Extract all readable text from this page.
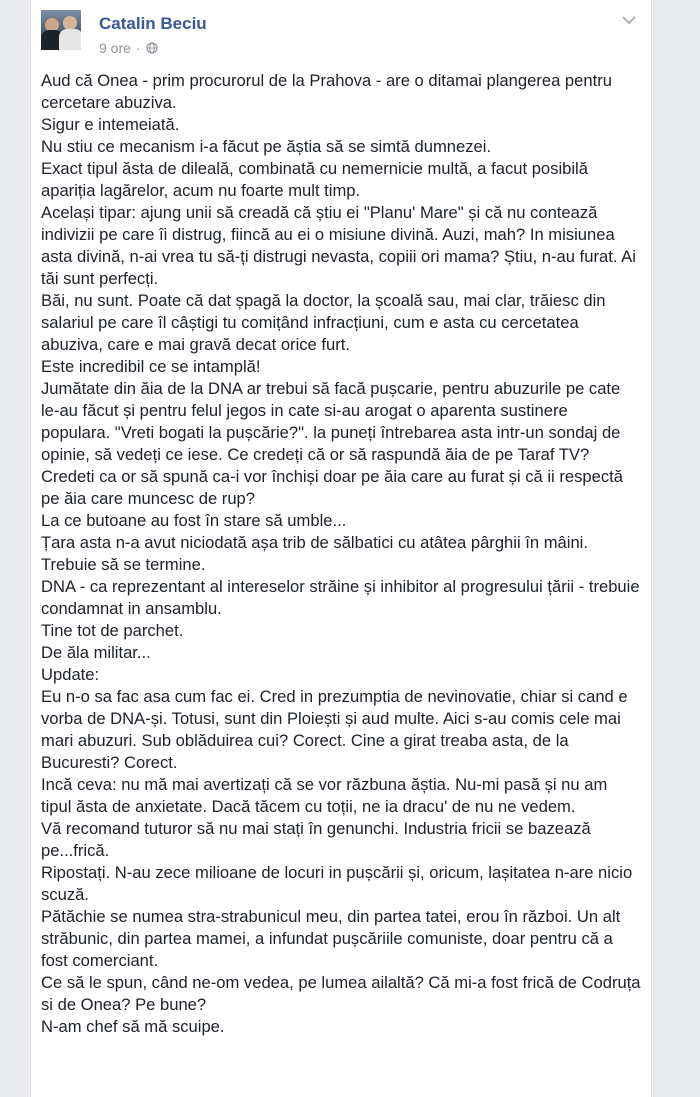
Catalin Beciu
9 ore ·

Aud că Onea - prim procurorul de la Prahova - are o ditamai plangerea pentru cercetare abuziva.

Sigur e intemeiată.

Nu stiu ce mecanism i-a făcut pe ăștia să se simtă dumnezei.

Exact tipul ăsta de dileală, combinată cu nemernicie multă, a facut posibilă apariția lagărelor, acum nu foarte mult timp.

Același tipar: ajung unii să creadă că știu ei "Planu' Mare" și că nu contează indivizii pe care îi distrug, fiincă au ei o misiune divină. Auzi, mah? In misiunea asta divină, n-ai vrea tu să-ți distrugi nevasta, copiii ori mama? Știu, n-au furat. Ai tăi sunt perfecți.

Băi, nu sunt. Poate că dat șpagă la doctor, la școală sau, mai clar, trăiesc din salariul pe care îl câștigi tu comițând infracțiuni, cum e asta cu cercetatea abuziva, care e mai gravă decat orice furt.

Este incredibil ce se intamplă!

Jumătate din ăia de la DNA ar trebui să facă pușcarie, pentru abuzurile pe cate le-au făcut și pentru felul jegos in cate si-au arogat o aparenta sustinere populara. "Vreti bogati la pușcărie?". la puneți întrebarea asta intr-un sondaj de opinie, să vedeți ce iese. Ce credeți că or să raspundă ăia de pe Taraf TV? Credeti ca or să spună ca-i vor închiși doar pe ăia care au furat și că ii respectă pe ăia care muncesc de rup?

La ce butoane au fost în stare să umble...

Țara asta n-a avut niciodată așa trib de sălbatici cu atâtea pârghii în mâini. Trebuie să se termine.

DNA - ca reprezentant al intereselor străine și inhibitor al progresului țării - trebuie condamnat in ansamblu.

Tine tot de parchet.

De ăla militar...

Update:

Eu n-o sa fac asa cum fac ei. Cred in prezumptia de nevinovatie, chiar si cand e vorba de DNA-și. Totusi, sunt din Ploiești și aud multe. Aici s-au comis cele mai mari abuzuri. Sub oblăduirea cui? Corect. Cine a girat treaba asta, de la Bucuresti? Corect.

Incă ceva: nu mă mai avertizați că se vor răzbuna ăștia. Nu-mi pasă și nu am tipul ăsta de anxietate. Dacă tăcem cu toții, ne ia dracu' de nu ne vedem.

Vă recomand tuturor să nu mai stați în genunchi. Industria fricii se bazează pe...frică.

Ripostați. N-au zece milioane de locuri in pușcării și, oricum, lașitatea n-are nicio scuză.

Pătăchie se numea stra-strabunicul meu, din partea tatei, erou în război. Un alt străbunic, din partea mamei, a infundat pușcăriile comuniste, doar pentru că a fost comerciant.

Ce să le spun, când ne-om vedea, pe lumea ailaltă? Că mi-a fost frică de Codruța si de Onea? Pe bune?

N-am chef să mă scuipe.
